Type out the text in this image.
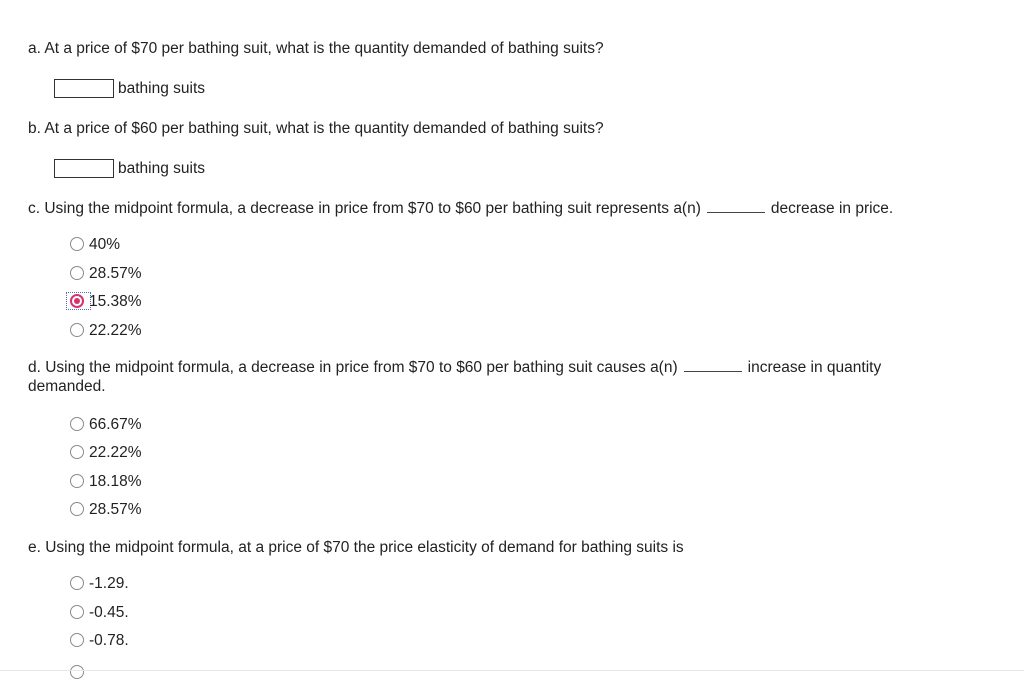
a. At a price of $70 per bathing suit, what is the quantity demanded of bathing suits?
bathing suits
b. At a price of $60 per bathing suit, what is the quantity demanded of bathing suits?
bathing suits
c. Using the midpoint formula, a decrease in price from $70 to $60 per bathing suit represents a(n)	decrease in price.
40%
28.57%
15.38%
22.22%
d. Using the midpoint formula, a decrease in price from $70 to $60 per bathing suit causes a(n)	increase in quantity
demanded.
66.67%
22.22%
18.18%
28.57%
e. Using the midpoint formula, at a price of $70 the price elasticity of demand for bathing suits is
-1.29.
-0.45.
-0.78.
